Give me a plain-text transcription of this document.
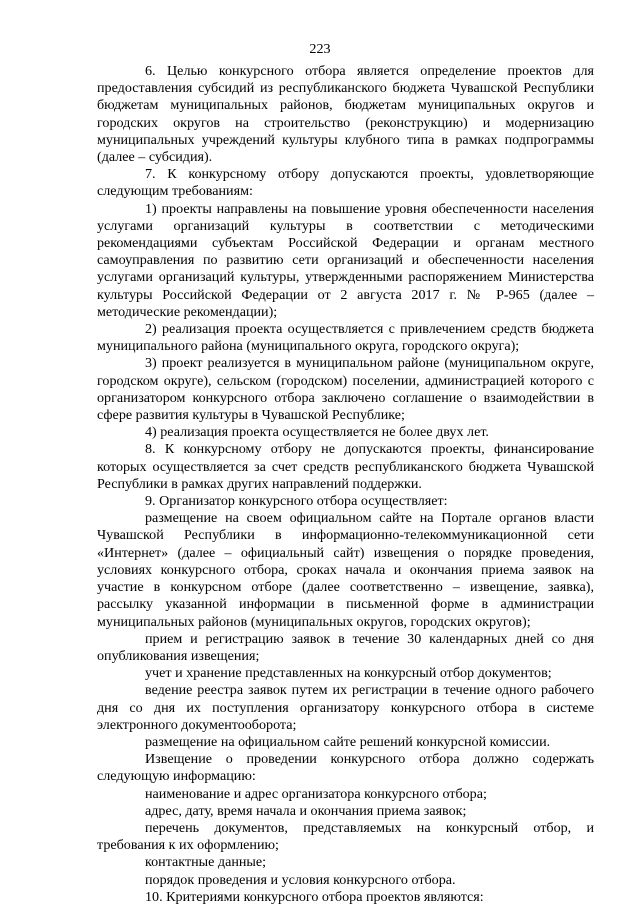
223

6. Целью конкурсного отбора является определение проектов для предоставления субсидий из республиканского бюджета Чувашской Республики бюджетам муниципальных районов, бюджетам муниципальных округов и городских округов на строительство (реконструкцию) и модернизацию муниципальных учреждений культуры клубного типа в рамках подпрограммы (далее – субсидия).

7. К конкурсному отбору допускаются проекты, удовлетворяющие следующим требованиям:

1) проекты направлены на повышение уровня обеспеченности населения услугами организаций культуры в соответствии с методическими рекомендациями субъектам Российской Федерации и органам местного самоуправления по развитию сети организаций и обеспеченности населения услугами организаций культуры, утвержденными распоряжением Министерства культуры Российской Федерации от 2 августа 2017 г. № Р-965 (далее – методические рекомендации);

2) реализация проекта осуществляется с привлечением средств бюджета муниципального района (муниципального округа, городского округа);

3) проект реализуется в муниципальном районе (муниципальном округе, городском округе), сельском (городском) поселении, администрацией которого с организатором конкурсного отбора заключено соглашение о взаимодействии в сфере развития культуры в Чувашской Республике;

4) реализация проекта осуществляется не более двух лет.

8. К конкурсному отбору не допускаются проекты, финансирование которых осуществляется за счет средств республиканского бюджета Чувашской Республики в рамках других направлений поддержки.

9. Организатор конкурсного отбора осуществляет:

размещение на своем официальном сайте на Портале органов власти Чувашской Республики в информационно-телекоммуникационной сети «Интернет» (далее – официальный сайт) извещения о порядке проведения, условиях конкурсного отбора, сроках начала и окончания приема заявок на участие в конкурсном отборе (далее соответственно – извещение, заявка), рассылку указанной информации в письменной форме в администрации муниципальных районов (муниципальных округов, городских округов);

прием и регистрацию заявок в течение 30 календарных дней со дня опубликования извещения;

учет и хранение представленных на конкурсный отбор документов;

ведение реестра заявок путем их регистрации в течение одного рабочего дня со дня их поступления организатору конкурсного отбора в системе электронного документооборота;

размещение на официальном сайте решений конкурсной комиссии.

Извещение о проведении конкурсного отбора должно содержать следующую информацию:

наименование и адрес организатора конкурсного отбора;

адрес, дату, время начала и окончания приема заявок;

перечень документов, представляемых на конкурсный отбор, и требования к их оформлению;

контактные данные;

порядок проведения и условия конкурсного отбора.

10. Критериями конкурсного отбора проектов являются:
